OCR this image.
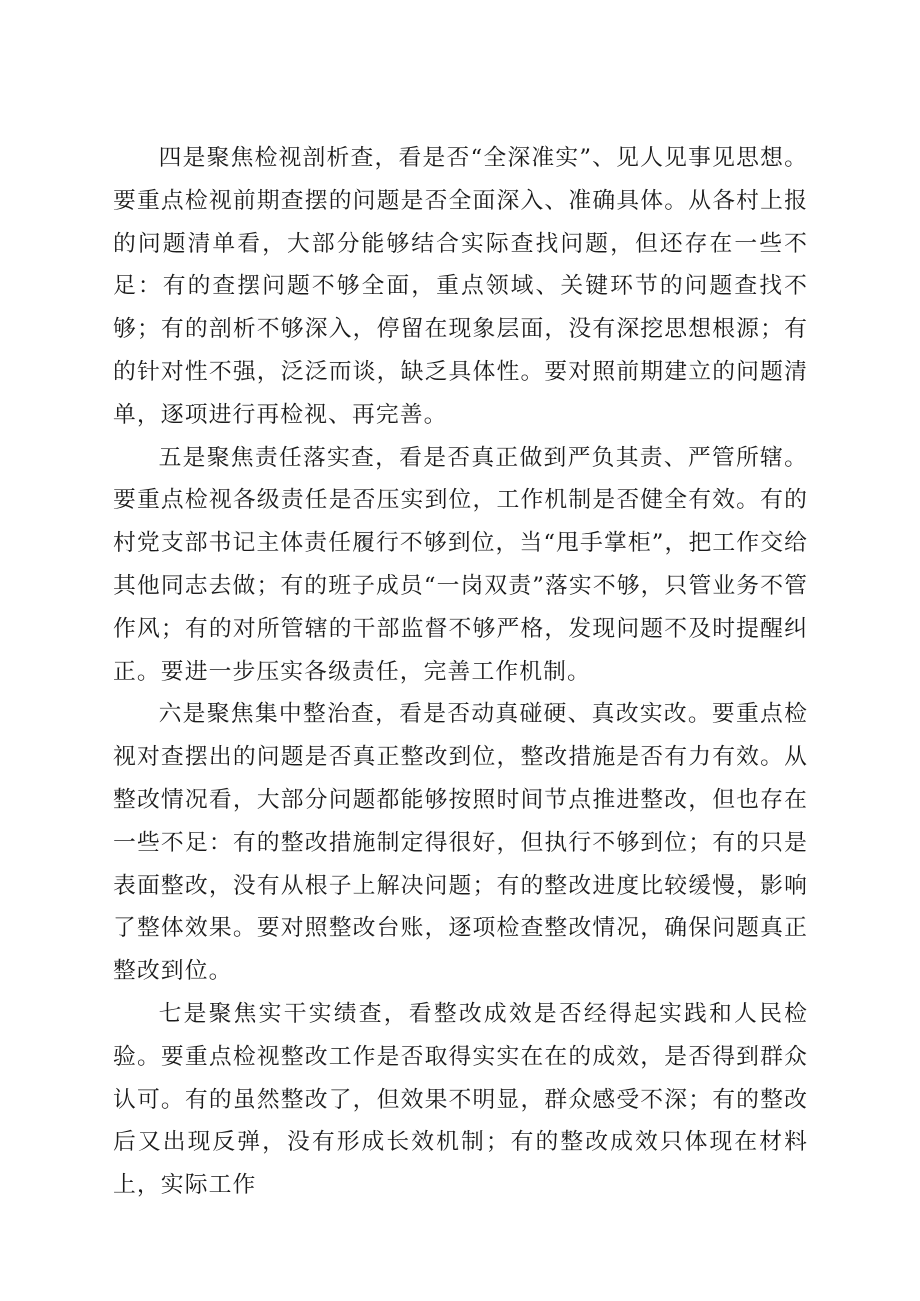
四是聚焦检视剖析查，看是否“全深准实”、见人见事见思想。要重点检视前期查摆的问题是否全面深入、准确具体。从各村上报的问题清单看，大部分能够结合实际查找问题，但还存在一些不足：有的查摆问题不够全面，重点领域、关键环节的问题查找不够；有的剖析不够深入，停留在现象层面，没有深挖思想根源；有的针对性不强，泛泛而谈，缺乏具体性。要对照前期建立的问题清单，逐项进行再检视、再完善。

五是聚焦责任落实查，看是否真正做到严负其责、严管所辖。要重点检视各级责任是否压实到位，工作机制是否健全有效。有的村党支部书记主体责任履行不够到位，当“甩手掌柜”，把工作交给其他同志去做；有的班子成员“一岗双责”落实不够，只管业务不管作风；有的对所管辖的干部监督不够严格，发现问题不及时提醒纠正。要进一步压实各级责任，完善工作机制。

六是聚焦集中整治查，看是否动真碰硬、真改实改。要重点检视对查摆出的问题是否真正整改到位，整改措施是否有力有效。从整改情况看，大部分问题都能够按照时间节点推进整改，但也存在一些不足：有的整改措施制定得很好，但执行不够到位；有的只是表面整改，没有从根子上解决问题；有的整改进度比较缓慢，影响了整体效果。要对照整改台账，逐项检查整改情况，确保问题真正整改到位。

七是聚焦实干实绩查，看整改成效是否经得起实践和人民检验。要重点检视整改工作是否取得实实在在的成效，是否得到群众认可。有的虽然整改了，但效果不明显，群众感受不深；有的整改后又出现反弹，没有形成长效机制；有的整改成效只体现在材料上，实际工作
